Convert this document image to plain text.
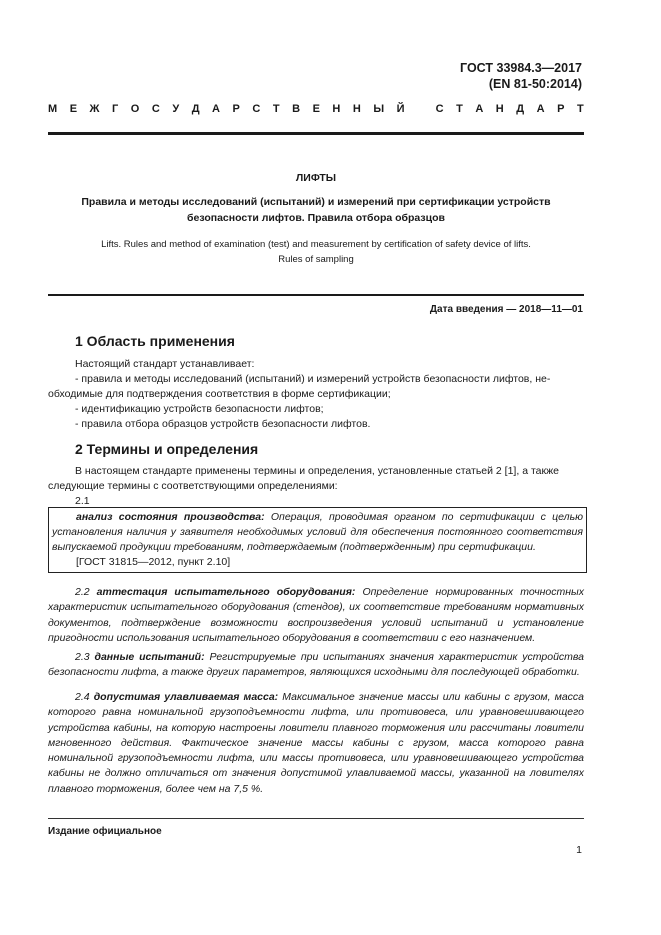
ГОСТ 33984.3—2017
(EN 81-50:2014)
М Е Ж Г О С У Д А Р С Т В Е Н Н Ы Й	С Т А Н Д А Р Т
ЛИФТЫ
Правила и методы исследований (испытаний) и измерений при сертификации устройств
безопасности лифтов. Правила отбора образцов
Lifts. Rules and method of examination (test) and measurement by certification of safety device of lifts.
Rules of sampling
Дата введения — 2018—11—01
1 Область применения

Настоящий стандарт устанавливает:

- правила и методы исследований (испытаний) и измерений устройств безопасности лифтов, не-

обходимые для подтверждения соответствия в форме сертификации;

- идентификацию устройств безопасности лифтов;

- правила отбора образцов устройств безопасности лифтов.

2 Термины и определения

В настоящем стандарте применены термины и определения, установленные статьей 2 [1], а также

следующие термины с соответствующими определениями:

2.1

анализ состояния производства: Операция, проводимая органом по сертификации с целью установления наличия у заявителя необходимых условий для обеспечения постоянного соответствия выпускаемой продукции требованиям, подтверждаемым (подтвержденным) при сертификации.
[ГОСТ 31815—2012, пункт 2.10]
2.2 аттестация испытательного оборудования: Определение нормированных точностных характеристик испытательного оборудования (стендов), их соответствие требованиям нормативных документов, подтверждение возможности воспроизведения условий испытаний и установление пригодности использования испытательного оборудования в соответствии с его назначением.
2.3 данные испытаний: Регистрируемые при испытаниях значения характеристик устройства безопасности лифта, а также других параметров, являющихся исходными для последующей обработки.
2.4 допустимая улавливаемая масса: Максимальное значение массы или кабины с грузом, масса которого равна номинальной грузоподъемности лифта, или противовеса, или уравновешивающего устройства кабины, на которую настроены ловители плавного торможения или рассчитаны ловители мгновенного действия. Фактическое значение массы кабины с грузом, масса которого равна номинальной грузоподъемности лифта, или массы противовеса, или уравновешивающего устройства кабины не должно отличаться от значения допустимой улавливаемой массы, указанной на ловителях плавного торможения, более чем на 7,5 %.
Издание официальное
1
